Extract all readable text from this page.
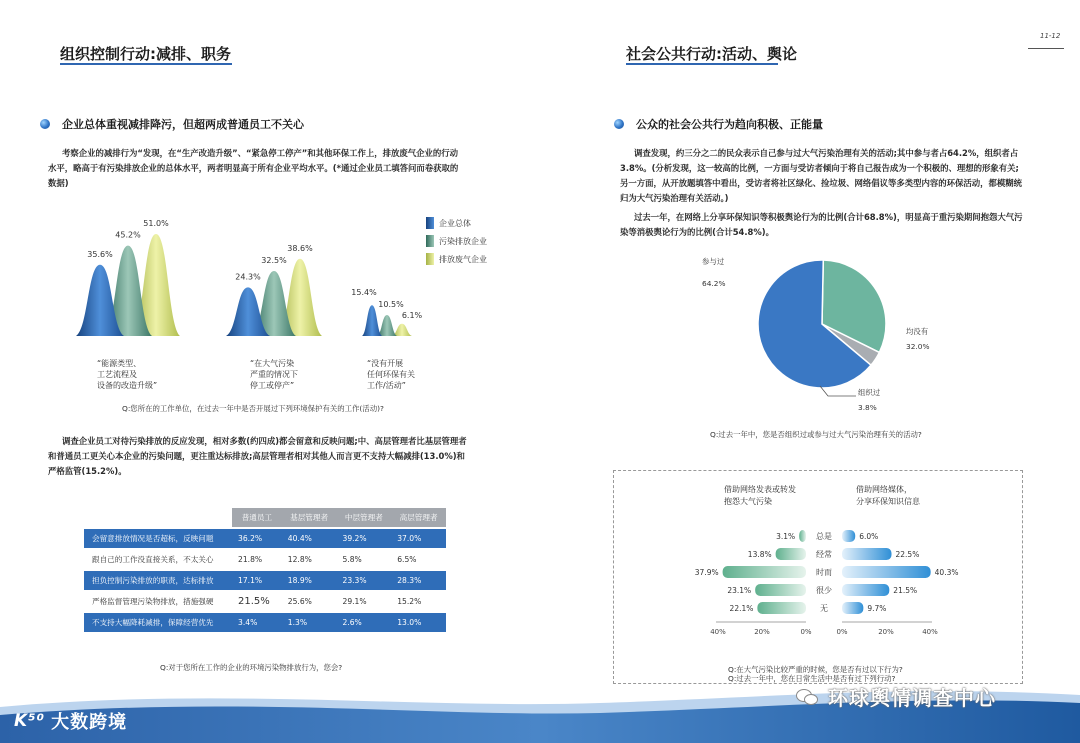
11-12
组织控制行动:减排、职务
企业总体重视减排降污，但超两成普通员工不关心
考察企业的减排行为“发现，在“生产改造升级”、“紧急停工停产”和其他环保工作上，排放废气企业的行动水平，略高于有污染排放企业的总体水平，两者明显高于所有企业平均水平。(*通过企业员工填答问而卷获取的数据)
35.6%
45.2%
51.0%
24.3%
32.5%
38.6%
15.4%
10.5%
6.1%
企业总体
污染排放企业
排放废气企业
“能源类型、
工艺流程及
设备的改造升级”
“在大气污染
严重的情况下
停工或停产”
“没有开展
任何环保有关
工作/活动”
Q:您所在的工作单位，在过去一年中是否开展过下列环境保护有关的工作(活动)?
调查企业员工对待污染排放的反应发现，相对多数(约四成)都会留意和反映问题;中、高层管理者比基层管理者和普通员工更关心本企业的污染问题，更注重达标排放;高层管理者相对其他人而言更不支持大幅减排(13.0%)和严格监管(15.2%)。
	普通员工	基层管理者	中层管理者	高层管理者
会留意排放情况是否超标，反映问题	36.2%	40.4%	39.2%	37.0%
跟自己的工作没直接关系，不太关心	21.8%	12.8%	5.8%	6.5%
担负控制污染排放的职责，达标排放	17.1%	18.9%	23.3%	28.3%
严格监督管理污染物排放，措施强硬	21.5%	25.6%	29.1%	15.2%
不支持大幅降耗减排，保障经营优先	3.4%	1.3%	2.6%	13.0%
Q:对于您所在工作的企业的环境污染物排放行为，您会?
社会公共行动:活动、舆论
公众的社会公共行为趋向积极、正能量
调查发现，约三分之二的民众表示自己参与过大气污染治理有关的活动;其中参与者占64.2%，组织者占3.8%。(分析发现，这一较高的比例，一方面与受访者倾向于将自己报告成为一个积极的、理想的形象有关;另一方面，从开放题填答中看出，受访者将社区绿化、捡垃圾、网络倡议等多类型内容的环保活动，都模糊统归为大气污染治理有关活动。)
过去一年，在网络上分享环保知识等积极舆论行为的比例(合计68.8%)，明显高于重污染期间抱怨大气污染等消极舆论行为的比例(合计54.8%)。
参与过
64.2%
均没有
32.0%
组织过
3.8%
Q:过去一年中，您是否组织过或参与过大气污染治理有关的活动?
借助网络发表或转发
抱怨大气污染
借助网络媒体，
分享环保知识信息
总是
3.1%	6.0%
经常
13.8%	22.5%
时而
37.9%	40.3%
很少
23.1%	21.5%
无
22.1%	9.7%
40%	20%	0%	0%	20%	40%
Q:在大气污染比较严重的时候，您是否有过以下行为?
Q:过去一年中，您在日常生活中是否有过下列行动?
K⁵⁰ 大数跨境
环球舆情调查中心
